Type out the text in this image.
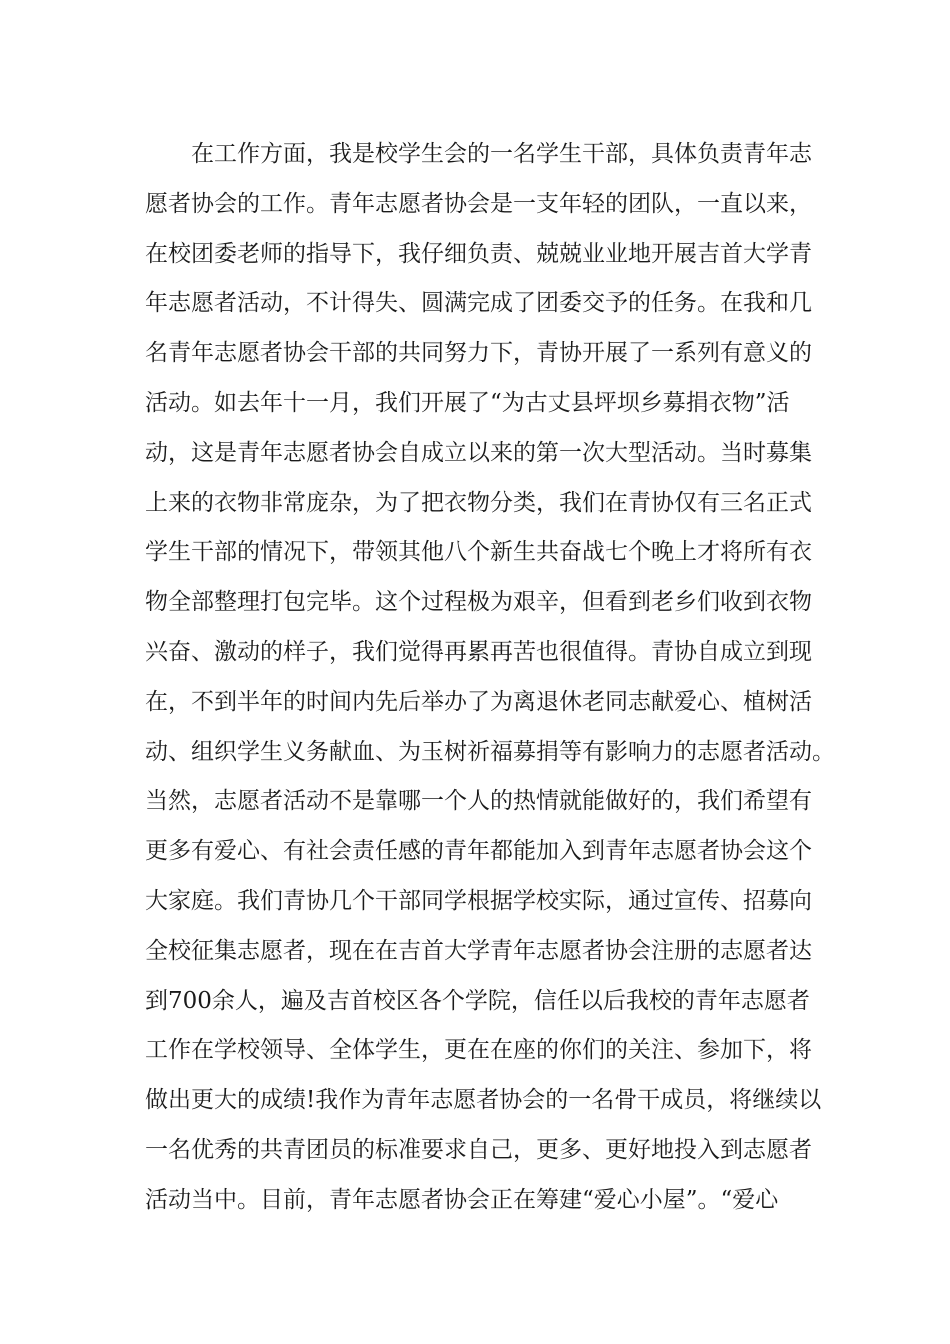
在工作方面，我是校学生会的一名学生干部，具体负责青年志
愿者协会的工作。青年志愿者协会是一支年轻的团队，一直以来，
在校团委老师的指导下，我仔细负责、兢兢业业地开展吉首大学青
年志愿者活动，不计得失、圆满完成了团委交予的任务。在我和几
名青年志愿者协会干部的共同努力下，青协开展了一系列有意义的
活动。如去年十一月，我们开展了“为古丈县坪坝乡募捐衣物”活
动，这是青年志愿者协会自成立以来的第一次大型活动。当时募集
上来的衣物非常庞杂，为了把衣物分类，我们在青协仅有三名正式
学生干部的情况下，带领其他八个新生共奋战七个晚上才将所有衣
物全部整理打包完毕。这个过程极为艰辛，但看到老乡们收到衣物
兴奋、激动的样子，我们觉得再累再苦也很值得。青协自成立到现
在，不到半年的时间内先后举办了为离退休老同志献爱心、植树活
动、组织学生义务献血、为玉树祈福募捐等有影响力的志愿者活动。
当然，志愿者活动不是靠哪一个人的热情就能做好的，我们希望有
更多有爱心、有社会责任感的青年都能加入到青年志愿者协会这个
大家庭。我们青协几个干部同学根据学校实际，通过宣传、招募向
全校征集志愿者，现在在吉首大学青年志愿者协会注册的志愿者达
到700余人，遍及吉首校区各个学院，信任以后我校的青年志愿者
工作在学校领导、全体学生，更在在座的你们的关注、参加下，将
做出更大的成绩!我作为青年志愿者协会的一名骨干成员，将继续以
一名优秀的共青团员的标准要求自己，更多、更好地投入到志愿者
活动当中。目前，青年志愿者协会正在筹建“爱心小屋”。“爱心
